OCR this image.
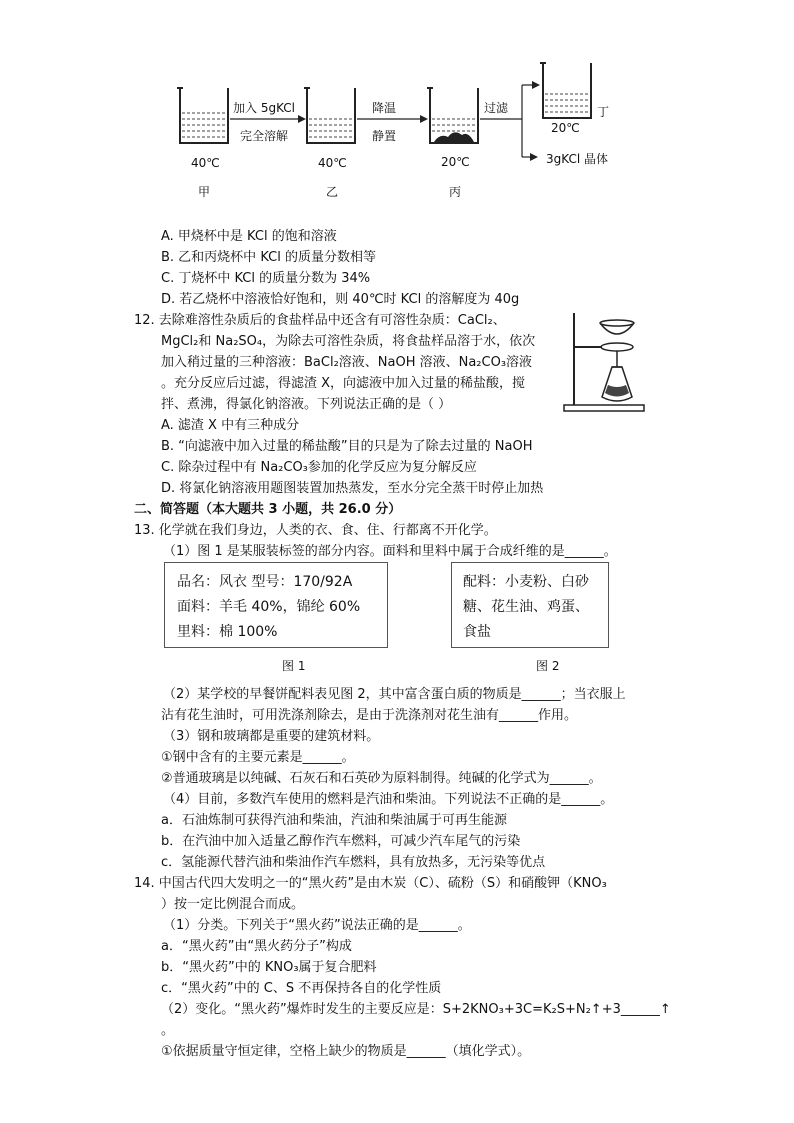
加入 5gKCl
完全溶解
降温
静置
过滤
40℃
甲
40℃
乙
20℃
丙
20℃
丁
3gKCl 晶体
A. 甲烧杯中是 KCl 的饱和溶液
B. 乙和丙烧杯中 KCl 的质量分数相等
C. 丁烧杯中 KCl 的质量分数为 34%
D. 若乙烧杯中溶液恰好饱和，则 40℃时 KCl 的溶解度为 40g
12. 去除难溶性杂质后的食盐样品中还含有可溶性杂质：CaCl₂、
MgCl₂和 Na₂SO₄，为除去可溶性杂质，将食盐样品溶于水，依次
加入稍过量的三种溶液：BaCl₂溶液、NaOH 溶液、Na₂CO₃溶液
。充分反应后过滤，得滤渣 X，向滤液中加入过量的稀盐酸，搅
拌、煮沸，得氯化钠溶液。下列说法正确的是（ ）
A. 滤渣 X 中有三种成分
B. “向滤液中加入过量的稀盐酸”目的只是为了除去过量的 NaOH
C. 除杂过程中有 Na₂CO₃参加的化学反应为复分解反应
D. 将氯化钠溶液用题图装置加热蒸发，至水分完全蒸干时停止加热
二、简答题（本大题共 3 小题，共 26.0 分）
13. 化学就在我们身边，人类的衣、食、住、行都离不开化学。
（1）图 1 是某服装标签的部分内容。面料和里料中属于合成纤维的是______。
品名：风衣 型号：170/92A
面料：羊毛 40%，锦纶 60%
里料：棉 100%
配料：小麦粉、白砂
糖、花生油、鸡蛋、
食盐
图 1	图 2
（2）某学校的早餐饼配料表见图 2，其中富含蛋白质的物质是______；当衣服上
沾有花生油时，可用洗涤剂除去，是由于洗涤剂对花生油有______作用。
（3）钢和玻璃都是重要的建筑材料。
①钢中含有的主要元素是______。
②普通玻璃是以纯碱、石灰石和石英砂为原料制得。纯碱的化学式为______。
（4）目前，多数汽车使用的燃料是汽油和柴油。下列说法不正确的是______。
a．石油炼制可获得汽油和柴油，汽油和柴油属于可再生能源
b．在汽油中加入适量乙醇作汽车燃料，可减少汽车尾气的污染
c．氢能源代替汽油和柴油作汽车燃料，具有放热多，无污染等优点
14. 中国古代四大发明之一的“黑火药”是由木炭（C）、硫粉（S）和硝酸钾（KNO₃
）按一定比例混合而成。
（1）分类。下列关于“黑火药”说法正确的是______。
a．“黑火药”由“黑火药分子”构成
b．“黑火药”中的 KNO₃属于复合肥料
c．“黑火药”中的 C、S 不再保持各自的化学性质
（2）变化。“黑火药”爆炸时发生的主要反应是：S+2KNO₃+3C=K₂S+N₂↑+3______↑
。
①依据质量守恒定律，空格上缺少的物质是______（填化学式）。
